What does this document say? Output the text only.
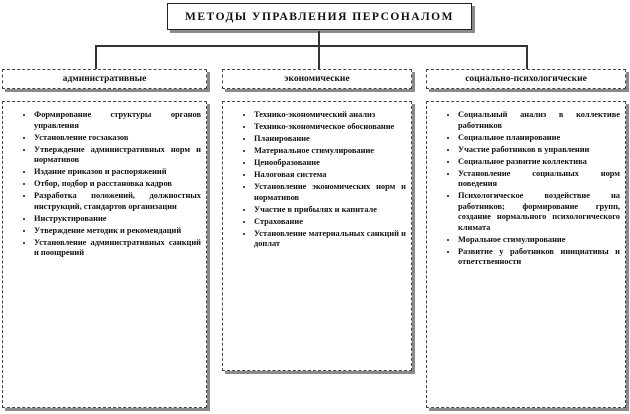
МЕТОДЫ УПРАВЛЕНИЯ ПЕРСОНАЛОМ
административные	экономические	социально-психологические
• Формирование структуры органов управления
• Установление госзаказов
• Утверждение административных норм и нормативов
• Издание приказов и распоряжений
• Отбор, подбор и расстановка кадров
• Разработка положений, должностных инструкций, стандартов организации
• Инструктирование
• Утверждение методик и рекомендаций
• Установление административных санкций и поощрений
• Технико-экономический анализ
• Технико-экономическое обоснование
• Планирование
• Материальное стимулирование
• Ценообразование
• Налоговая система
• Установление экономических норм и нормативов
• Участие в прибылях и капитале
• Страхование
• Установление материальных санкций и доплат
• Социальный анализ в коллективе работников
• Социальное планирование
• Участие работников в управлении
• Социальное развитие коллектива
• Установление социальных норм поведения
• Психологическое воздействие на работников; формирование групп, создание нормального психологического климата
• Моральное стимулирование
• Развитие у работников инициативы и ответственности
